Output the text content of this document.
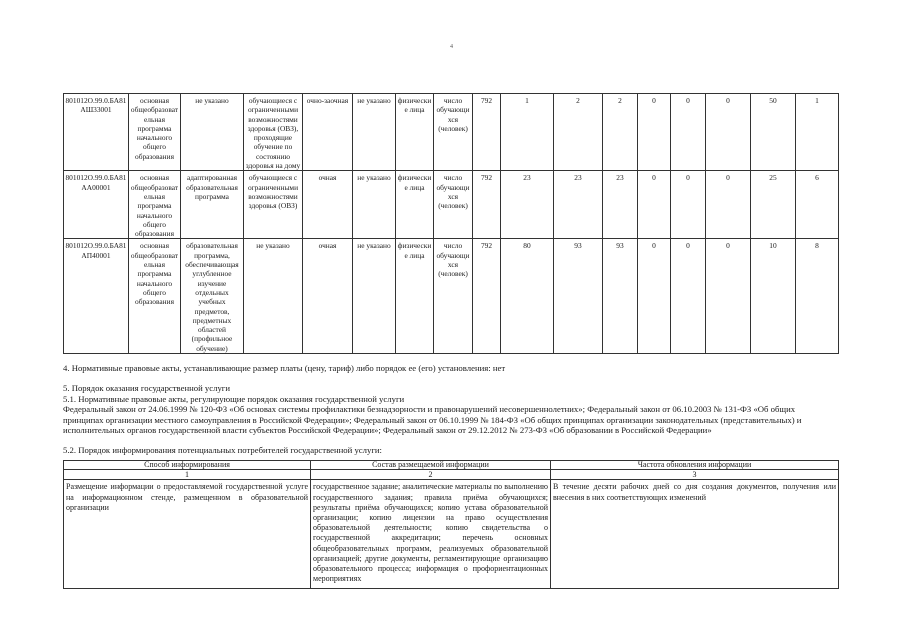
4
801012О.99.0.БА81АШ33001	основная общеобразовательная программа начального общего образования	не указано	обучающиеся с ограниченными возможностями здоровья (ОВЗ), проходящие обучение по состоянию здоровья на дому	очно-заочная	не указано	физические лица	число обучающихся (человек)	792	1	2	2	0	0	0	50	1
801012О.99.0.БА81АА00001	основная общеобразовательная программа начального общего образования	адаптированная образовательная программа	обучающиеся с ограниченными возможностями здоровья (ОВЗ)	очная	не указано	физические лица	число обучающихся (человек)	792	23	23	23	0	0	0	25	6
801012О.99.0.БА81АП40001	основная общеобразовательная программа начального общего образования	образовательная программа, обеспечивающая углубленное изучение отдельных учебных предметов, предметных областей (профильное обучение)	не указано	очная	не указано	физические лица	число обучающихся (человек)	792	80	93	93	0	0	0	10	8
4. Нормативные правовые акты, устанавливающие размер платы (цену, тариф) либо порядок ее (его) установления: нет
5. Порядок оказания государственной услуги
5.1. Нормативные правовые акты, регулирующие порядок оказания государственной услуги
Федеральный закон от 24.06.1999 № 120-ФЗ «Об основах системы профилактики безнадзорности и правонарушений несовершеннолетних»; Федеральный закон от 06.10.2003 № 131-ФЗ «Об общих принципах организации местного самоуправления в Российской Федерации»; Федеральный закон от 06.10.1999 № 184-ФЗ «Об общих принципах организации законодательных (представительных) и исполнительных органов государственной власти субъектов Российской Федерации»; Федеральный закон от 29.12.2012 № 273-ФЗ «Об образовании в Российской Федерации»
5.2. Порядок информирования потенциальных потребителей государственной услуги:
Способ информирования	Состав размещаемой информации	Частота обновления информации
1	2	3
Размещение информации о предоставляемой государственной услуге на информационном стенде, размещенном в образовательной организации	государственное задание; аналитические материалы по выполнению государственного задания; правила приёма обучающихся; результаты приёма обучающихся; копию устава образовательной организации; копию лицензии на право осуществления образовательной деятельности; копию свидетельства о государственной аккредитации; перечень основных общеобразовательных программ, реализуемых образовательной организацией; другие документы, регламентирующие организацию образовательного процесса; информация о профориентационных мероприятиях	В течение десяти рабочих дней со дня создания документов, получения или внесения в них соответствующих изменений
